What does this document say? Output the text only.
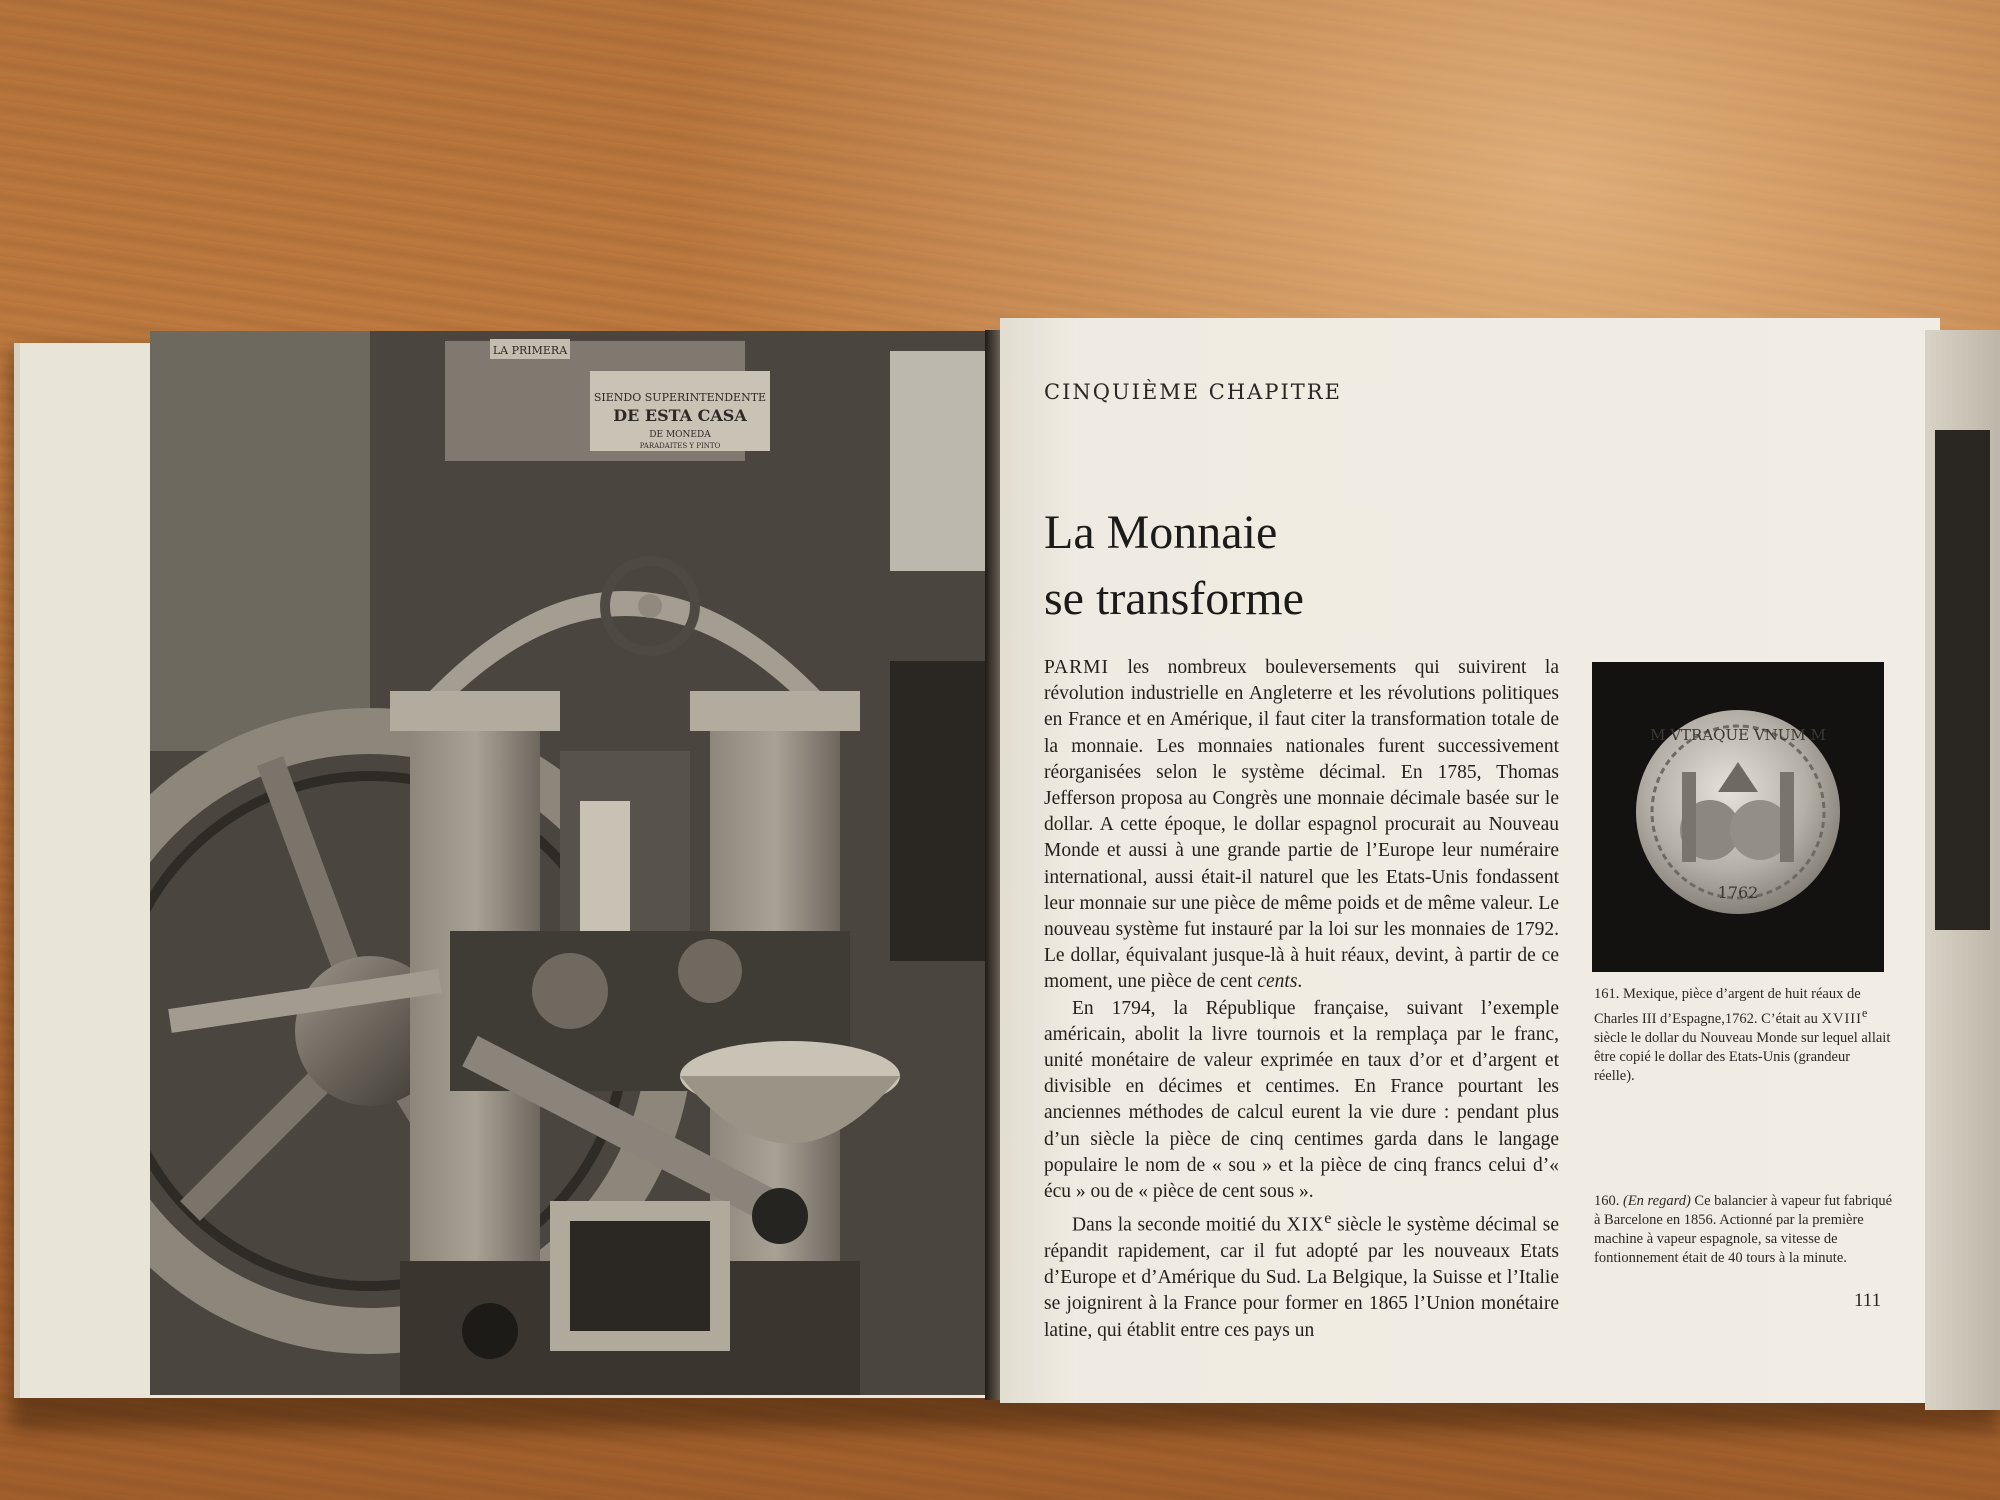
SIENDO SUPERINTENDENTE
DE ESTA CASA
DE MONEDA
PARADAITES Y PINTO
LA PRIMERA
CINQUIÈME CHAPITRE
La Monnaie
se transforme

PARMI les nombreux bouleversements qui suivirent la révolution industrielle en Angleterre et les révolutions politiques en France et en Amérique, il faut citer la transformation totale de la monnaie. Les monnaies nationales furent successivement réorganisées selon le système décimal. En 1785, Thomas Jefferson proposa au Congrès une monnaie décimale basée sur le dollar. A cette époque, le dollar espagnol procurait au Nouveau Monde et aussi à une grande partie de l’Europe leur numéraire international, aussi était-il naturel que les Etats-Unis fondassent leur monnaie sur une pièce de même poids et de même valeur. Le nouveau système fut instauré par la loi sur les monnaies de 1792. Le dollar, équivalant jusque-là à huit réaux, devint, à partir de ce moment, une pièce de cent cents.

En 1794, la République française, suivant l’exemple américain, abolit la livre tournois et la remplaça par le franc, unité monétaire de valeur exprimée en taux d’or et d’argent et divisible en décimes et centimes. En France pourtant les anciennes méthodes de calcul eurent la vie dure : pendant plus d’un siècle la pièce de cinq centimes garda dans le langage populaire le nom de « sou » et la pièce de cinq francs celui d’« écu » ou de « pièce de cent sous ».

Dans la seconde moitié du XIXe siècle le système décimal se répandit rapidement, car il fut adopté par les nouveaux Etats d’Europe et d’Amérique du Sud. La Belgique, la Suisse et l’Italie se joignirent à la France pour former en 1865 l’Union monétaire latine, qui établit entre ces pays un

M VTRAQUE VNUM M
1762
161. Mexique, pièce d’argent de huit réaux de Charles III d’Espagne,1762. C’était au XVIIIe siècle le dollar du Nouveau Monde sur lequel allait être copié le dollar des Etats-Unis (grandeur réelle).
160. (En regard) Ce balancier à vapeur fut fabriqué à Barcelone en 1856. Actionné par la première machine à vapeur espagnole, sa vitesse de fontionnement était de 40 tours à la minute.
111
